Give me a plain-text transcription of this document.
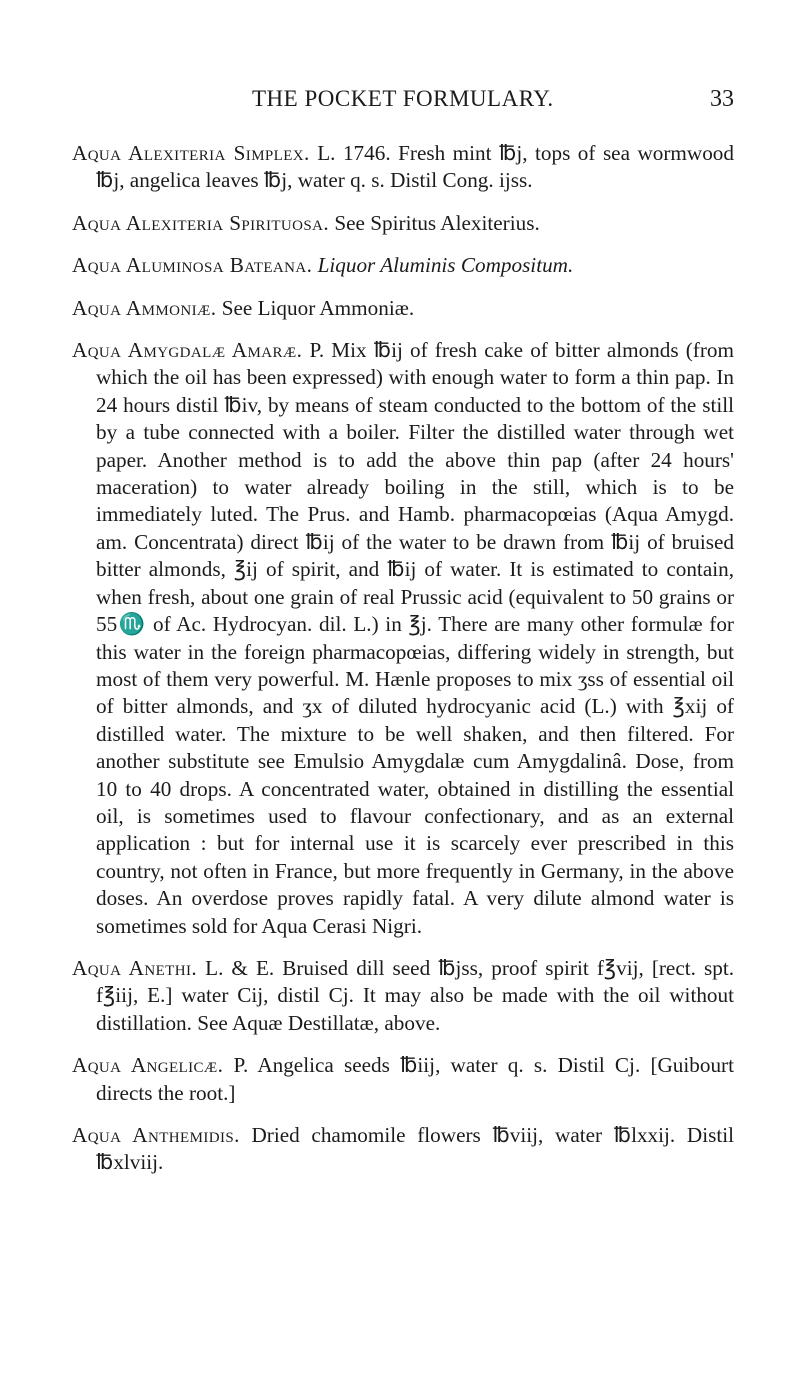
THE POCKET FORMULARY.	33

Aqua Alexiteria Simplex. L. 1746. Fresh mint ℔j, tops of sea wormwood ℔j, angelica leaves ℔j, water q. s. Distil Cong. ijss.

Aqua Alexiteria Spirituosa. See Spiritus Alexiterius.

Aqua Aluminosa Bateana. Liquor Aluminis Compositum.

Aqua Ammoniæ. See Liquor Ammoniæ.

Aqua Amygdalæ Amaræ. P. Mix ℔ij of fresh cake of bitter almonds (from which the oil has been expressed) with enough water to form a thin pap. In 24 hours distil ℔iv, by means of steam conducted to the bottom of the still by a tube connected with a boiler. Filter the distilled water through wet paper. Another method is to add the above thin pap (after 24 hours' maceration) to water already boiling in the still, which is to be immediately luted. The Prus. and Hamb. pharmacopœias (Aqua Amygd. am. Concentrata) direct ℔ij of the water to be drawn from ℔ij of bruised bitter almonds, ℥ij of spirit, and ℔ij of water. It is estimated to contain, when fresh, about one grain of real Prussic acid (equivalent to 50 grains or 55♏ of Ac. Hydrocyan. dil. L.) in ℥j. There are many other formulæ for this water in the foreign pharmacopœias, differing widely in strength, but most of them very powerful. M. Hænle proposes to mix ʒss of essential oil of bitter almonds, and ʒx of diluted hydrocyanic acid (L.) with ℥xij of distilled water. The mixture to be well shaken, and then filtered. For another substitute see Emulsio Amygdalæ cum Amygdalinâ. Dose, from 10 to 40 drops. A concentrated water, obtained in distilling the essential oil, is sometimes used to flavour confectionary, and as an external application : but for internal use it is scarcely ever prescribed in this country, not often in France, but more frequently in Germany, in the above doses. An overdose proves rapidly fatal. A very dilute almond water is sometimes sold for Aqua Cerasi Nigri.

Aqua Anethi. L. & E. Bruised dill seed ℔jss, proof spirit f℥vij, [rect. spt. f℥iij, E.] water Cij, distil Cj. It may also be made with the oil without distillation. See Aquæ Destillatæ, above.

Aqua Angelicæ. P. Angelica seeds ℔iij, water q. s. Distil Cj. [Guibourt directs the root.]

Aqua Anthemidis. Dried chamomile flowers ℔viij, water ℔lxxij. Distil ℔xlviij.
